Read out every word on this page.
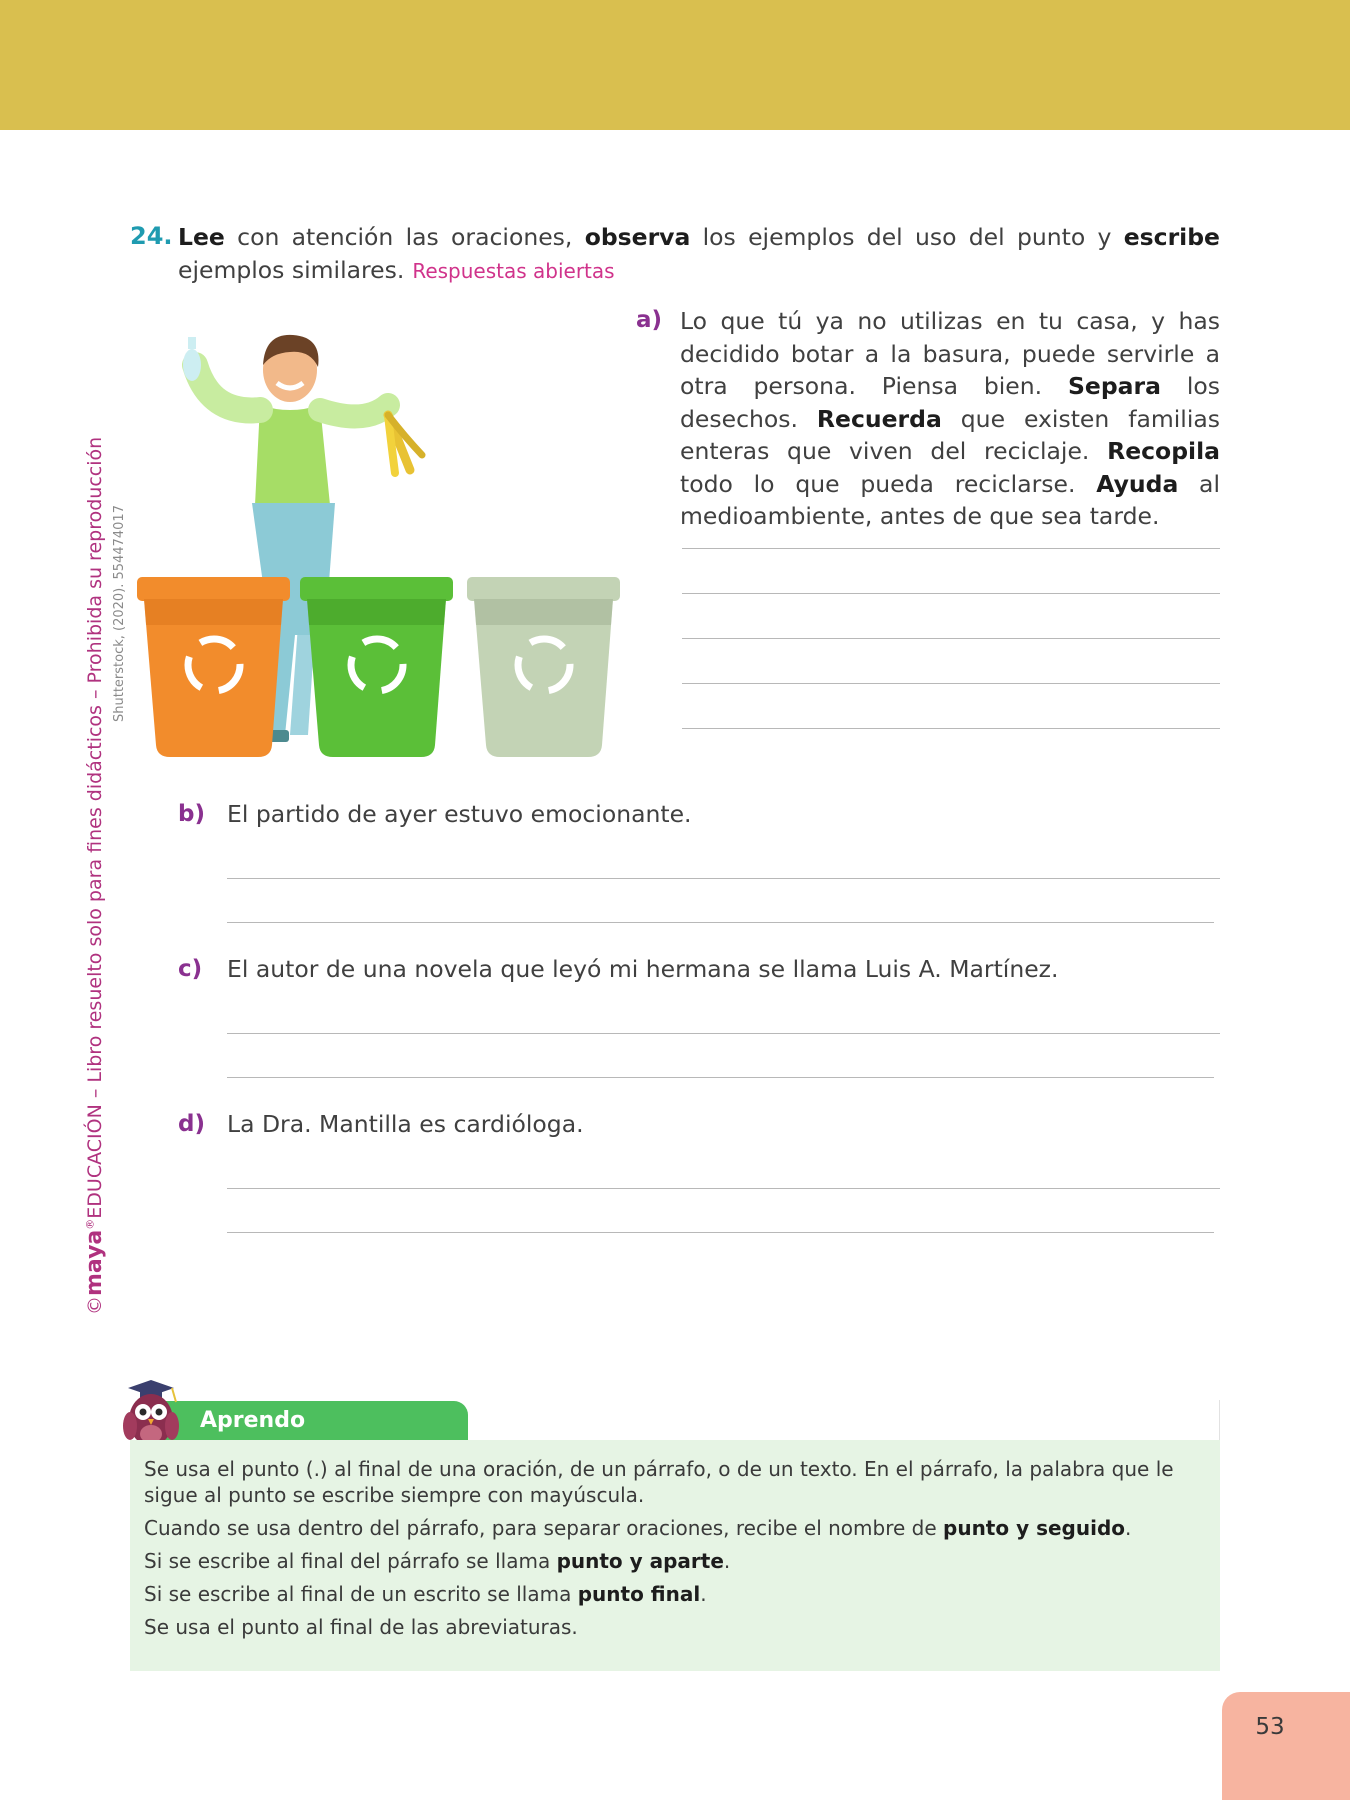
©maya®EDUCACIÓN – Libro resuelto solo para fines didácticos – Prohibida su reproducción Shutterstock, (2020). 554474017
24. Lee con atención las oraciones, observa los ejemplos del uso del punto y escribe ejemplos similares. Respuestas abiertas
a) Lo que tú ya no utilizas en tu casa, y has decidido botar a la basura, puede servirle a otra persona. Piensa bien. Separa los desechos. Recuerda que existen familias enteras que viven del reciclaje. Recopila todo lo que pueda reciclarse. Ayuda al medioambiente, antes de que sea tarde.
b) El partido de ayer estuvo emocionante.
c) El autor de una novela que leyó mi hermana se llama Luis A. Martínez.
d) La Dra. Mantilla es cardióloga.
Aprendo

Se usa el punto (.) al final de una oración, de un párrafo, o de un texto. En el párrafo, la palabra que le sigue al punto se escribe siempre con mayúscula.

Cuando se usa dentro del párrafo, para separar oraciones, recibe el nombre de punto y seguido.

Si se escribe al final del párrafo se llama punto y aparte.

Si se escribe al final de un escrito se llama punto final.

Se usa el punto al final de las abreviaturas.

53
